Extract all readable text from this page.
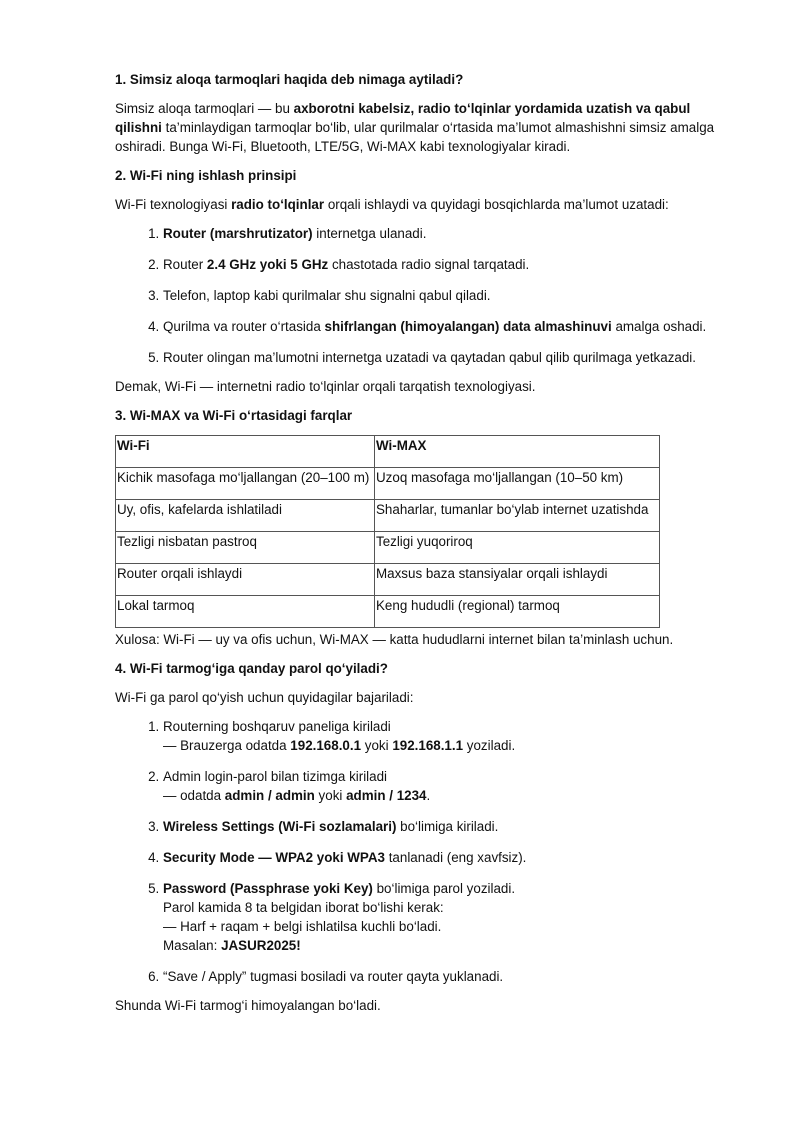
1. Simsiz aloqa tarmoqlari haqida deb nimaga aytiladi?

Simsiz aloqa tarmoqlari — bu axborotni kabelsiz, radio to‘lqinlar yordamida uzatish va qabul qilishni ta’minlaydigan tarmoqlar bo‘lib, ular qurilmalar o‘rtasida ma’lumot almashishni simsiz amalga oshiradi. Bunga Wi-Fi, Bluetooth, LTE/5G, Wi-MAX kabi texnologiyalar kiradi.

2. Wi-Fi ning ishlash prinsipi

Wi-Fi texnologiyasi radio to‘lqinlar orqali ishlaydi va quyidagi bosqichlarda ma’lumot uzatadi:

1. Router (marshrutizator) internetga ulanadi.
2. Router 2.4 GHz yoki 5 GHz chastotada radio signal tarqatadi.
3. Telefon, laptop kabi qurilmalar shu signalni qabul qiladi.
4. Qurilma va router o‘rtasida shifrlangan (himoyalangan) data almashinuvi amalga oshadi.
5. Router olingan ma’lumotni internetga uzatadi va qaytadan qabul qilib qurilmaga yetkazadi.

Demak, Wi-Fi — internetni radio to‘lqinlar orqali tarqatish texnologiyasi.

3. Wi-MAX va Wi-Fi o‘rtasidagi farqlar
Wi-Fi	Wi-MAX
Kichik masofaga mo‘ljallangan (20–100 m)	Uzoq masofaga mo‘ljallangan (10–50 km)
Uy, ofis, kafelarda ishlatiladi	Shaharlar, tumanlar bo‘ylab internet uzatishda
Tezligi nisbatan pastroq	Tezligi yuqoriroq
Router orqali ishlaydi	Maxsus baza stansiyalar orqali ishlaydi
Lokal tarmoq	Keng hududli (regional) tarmoq

Xulosa: Wi-Fi — uy va ofis uchun, Wi-MAX — katta hududlarni internet bilan ta’minlash uchun.

4. Wi-Fi tarmog‘iga qanday parol qo‘yiladi?

Wi-Fi ga parol qo‘yish uchun quyidagilar bajariladi:

1. Routerning boshqaruv paneliga kiriladi
— Brauzerga odatda 192.168.0.1 yoki 192.168.1.1 yoziladi.
2. Admin login-parol bilan tizimga kiriladi
— odatda admin / admin yoki admin / 1234.
3. Wireless Settings (Wi-Fi sozlamalari) bo‘limiga kiriladi.
4. Security Mode — WPA2 yoki WPA3 tanlanadi (eng xavfsiz).
5. Password (Passphrase yoki Key) bo‘limiga parol yoziladi.
Parol kamida 8 ta belgidan iborat bo‘lishi kerak:
— Harf + raqam + belgi ishlatilsa kuchli bo‘ladi.
Masalan: JASUR2025!
6. “Save / Apply” tugmasi bosiladi va router qayta yuklanadi.

Shunda Wi-Fi tarmog‘i himoyalangan bo‘ladi.
